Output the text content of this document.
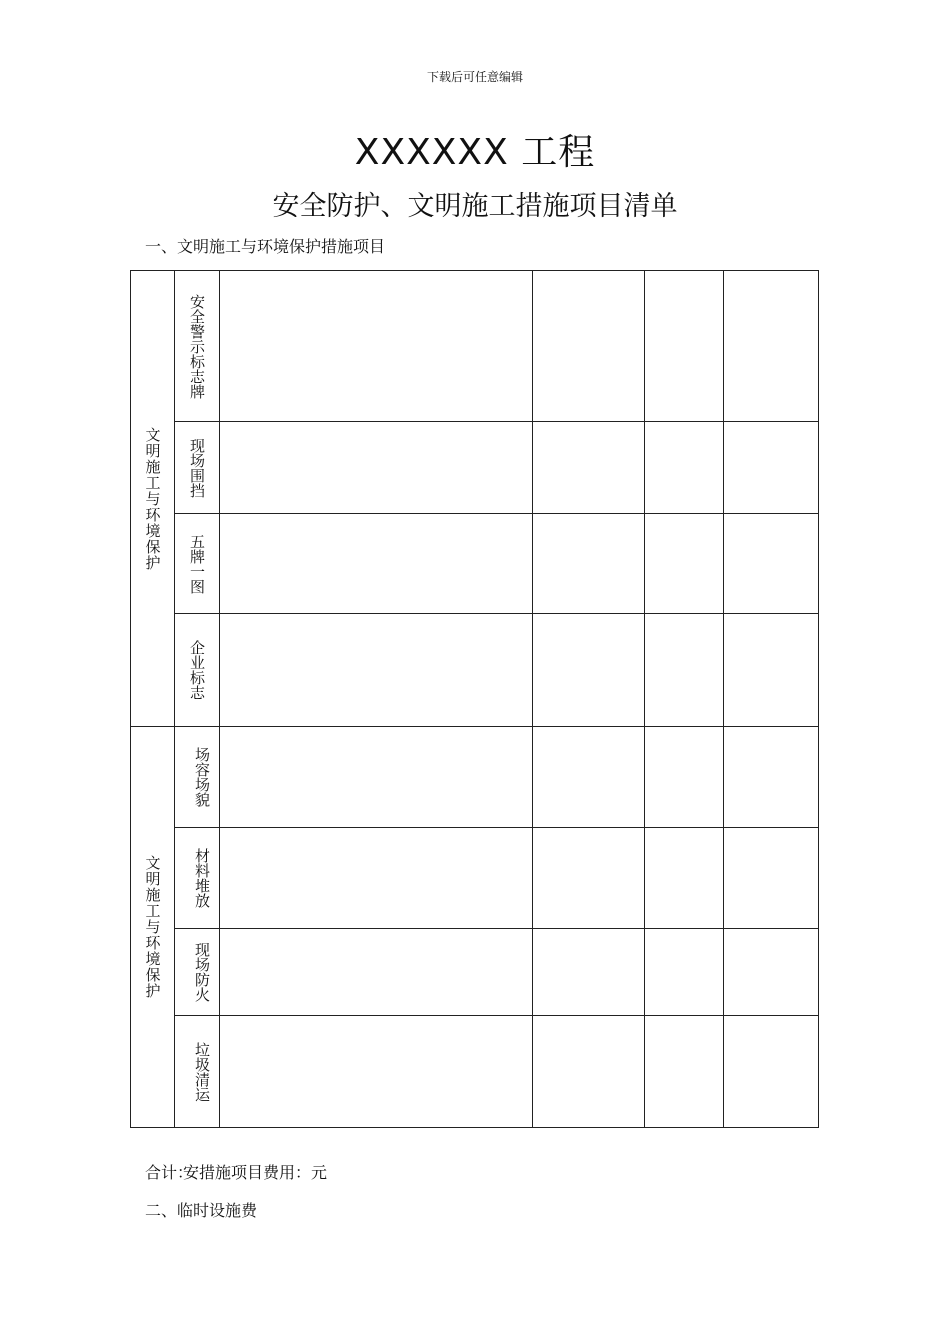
下载后可任意编辑
XXXXXX 工程
安全防护、文明施工措施项目清单
一、文明施工与环境保护措施项目
文明施工与环境保护
文明施工与环境保护
安全警示标志牌
现场围挡
五牌一图
企业标志
场容场貌
材料堆放
现场防火
垃圾清运
合计：
安措施项目费用：元
二、临时设施费
